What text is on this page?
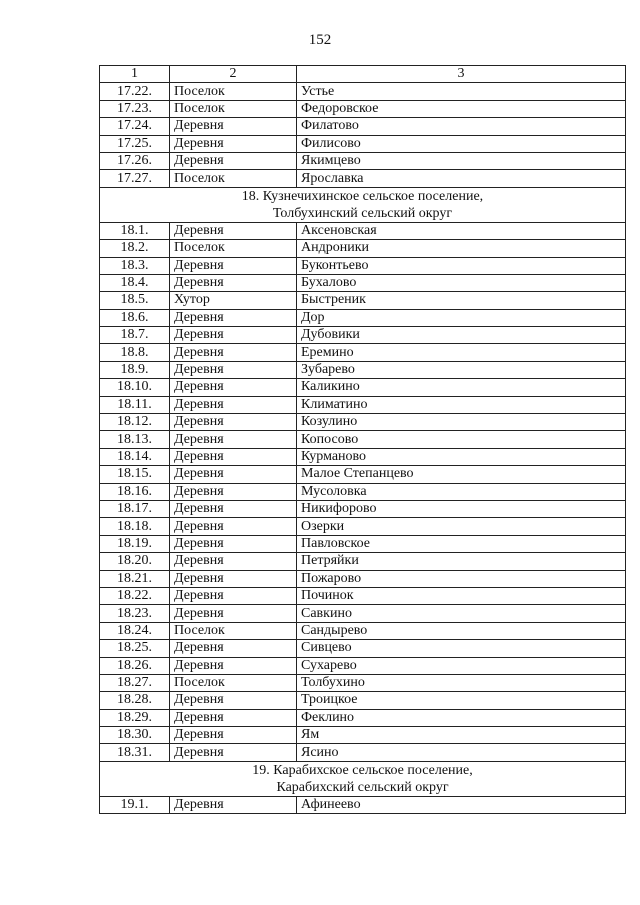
152
1	2	3
17.22.	Поселок	Устье
17.23.	Поселок	Федоровское
17.24.	Деревня	Филатово
17.25.	Деревня	Филисово
17.26.	Деревня	Якимцево
17.27.	Поселок	Ярославка

18. Кузнечихинское сельское поселение,
Толбухинский сельский округ		

18.1.	Деревня	Аксеновская
18.2.	Поселок	Андроники
18.3.	Деревня	Буконтьево
18.4.	Деревня	Бухалово
18.5.	Хутор	Быстреник
18.6.	Деревня	Дор
18.7.	Деревня	Дубовики
18.8.	Деревня	Еремино
18.9.	Деревня	Зубарево
18.10.	Деревня	Каликино
18.11.	Деревня	Климатино
18.12.	Деревня	Козулино
18.13.	Деревня	Копосово
18.14.	Деревня	Курманово
18.15.	Деревня	Малое Степанцево
18.16.	Деревня	Мусоловка
18.17.	Деревня	Никифорово
18.18.	Деревня	Озерки
18.19.	Деревня	Павловское
18.20.	Деревня	Петряйки
18.21.	Деревня	Пожарово
18.22.	Деревня	Починок
18.23.	Деревня	Савкино
18.24.	Поселок	Сандырево
18.25.	Деревня	Сивцево
18.26.	Деревня	Сухарево
18.27.	Поселок	Толбухино
18.28.	Деревня	Троицкое
18.29.	Деревня	Феклино
18.30.	Деревня	Ям
18.31.	Деревня	Ясино

19. Карабихское сельское поселение,
Карабихский сельский округ		

19.1.	Деревня	Афинеево
